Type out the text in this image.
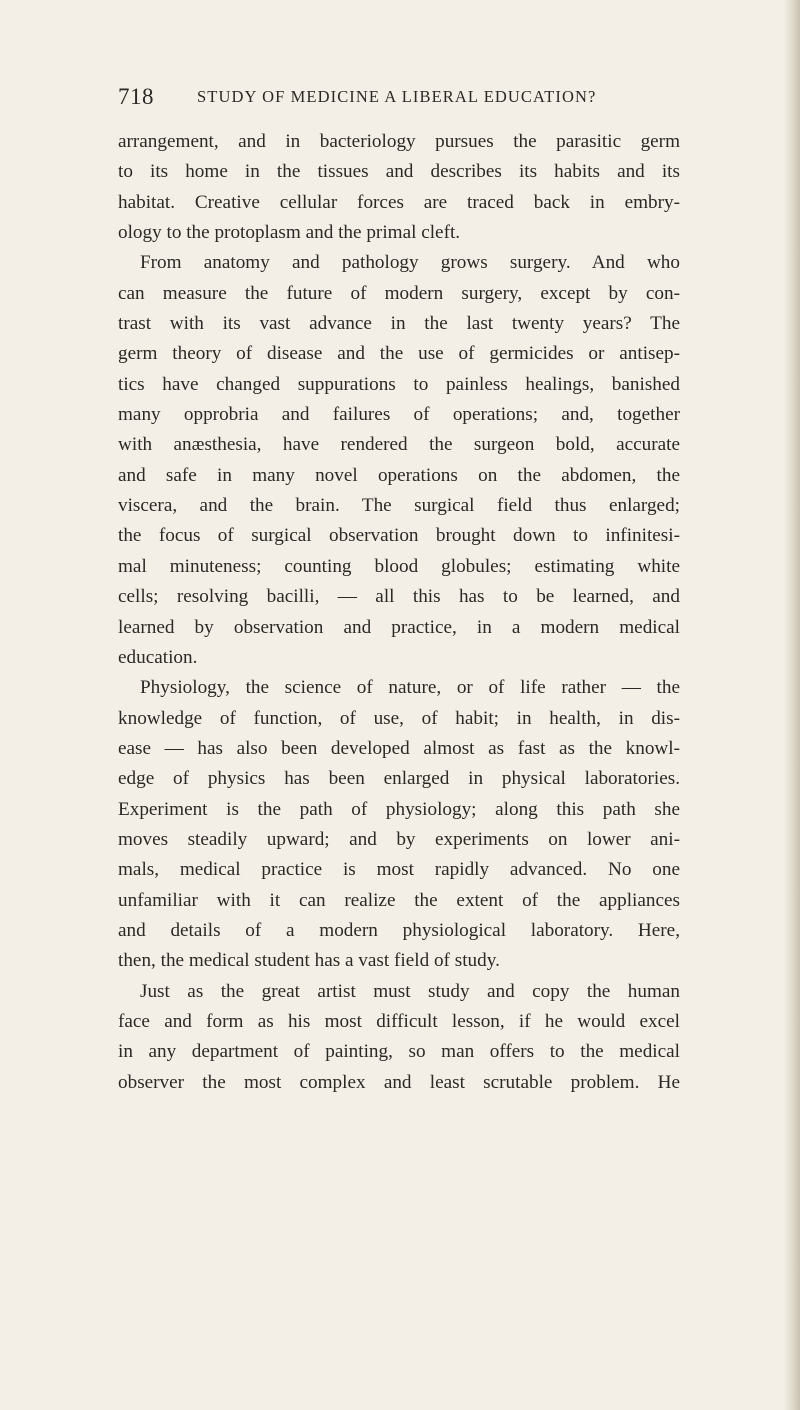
718	STUDY OF MEDICINE A LIBERAL EDUCATION?
arrangement, and in bacteriology pursues the parasitic germ
to its home in the tissues and describes its habits and its
habitat. Creative cellular forces are traced back in embry-
ology to the protoplasm and the primal cleft.
From anatomy and pathology grows surgery. And who
can measure the future of modern surgery, except by con-
trast with its vast advance in the last twenty years? The
germ theory of disease and the use of germicides or antisep-
tics have changed suppurations to painless healings, banished
many opprobria and failures of operations; and, together
with anæsthesia, have rendered the surgeon bold, accurate
and safe in many novel operations on the abdomen, the
viscera, and the brain. The surgical field thus enlarged;
the focus of surgical observation brought down to infinitesi-
mal minuteness; counting blood globules; estimating white
cells; resolving bacilli, — all this has to be learned, and
learned by observation and practice, in a modern medical
education.
Physiology, the science of nature, or of life rather — the
knowledge of function, of use, of habit; in health, in dis-
ease — has also been developed almost as fast as the knowl-
edge of physics has been enlarged in physical laboratories.
Experiment is the path of physiology; along this path she
moves steadily upward; and by experiments on lower ani-
mals, medical practice is most rapidly advanced. No one
unfamiliar with it can realize the extent of the appliances
and details of a modern physiological laboratory. Here,
then, the medical student has a vast field of study.
Just as the great artist must study and copy the human
face and form as his most difficult lesson, if he would excel
in any department of painting, so man offers to the medical
observer the most complex and least scrutable problem. He
